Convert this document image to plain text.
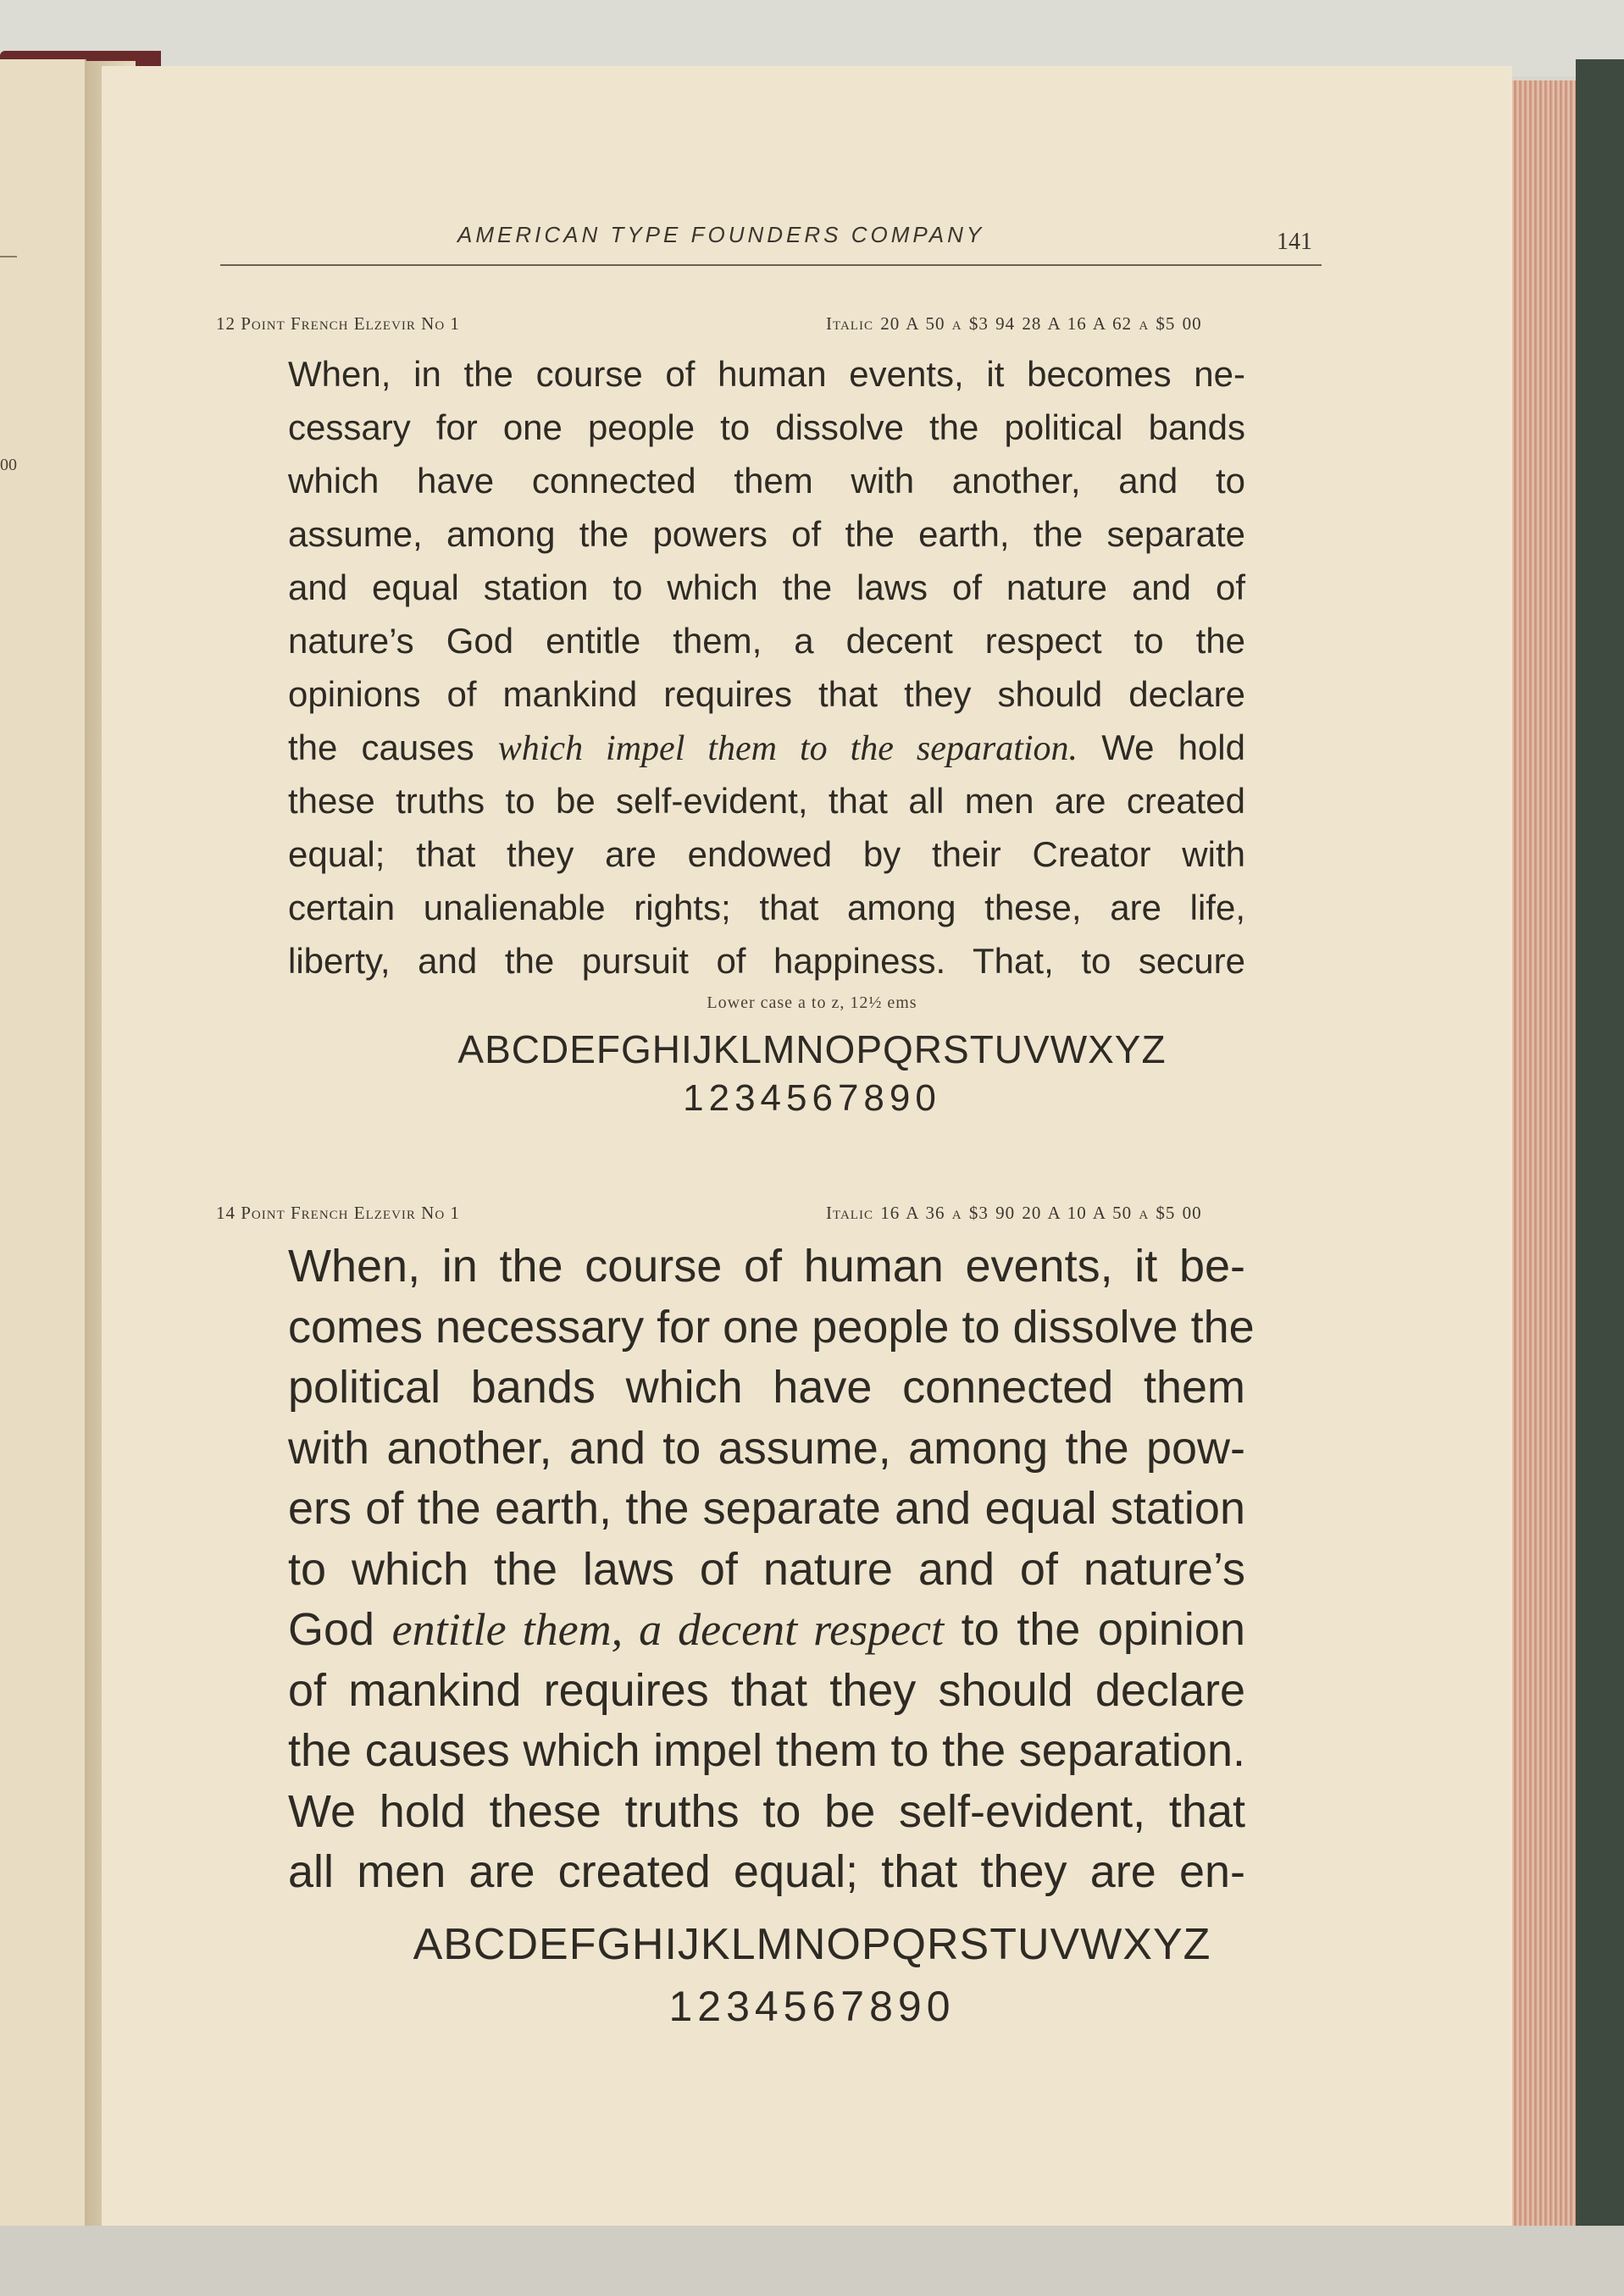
00
AMERICAN TYPE FOUNDERS COMPANY	141
12 Point French Elzevir No 1	Italic 20 A 50 a $3 94 28 A 16 A 62 a $5 00
When, in the course of human events, it becomes ne-
cessary for one people to dissolve the political bands
which have connected them with another, and to
assume, among the powers of the earth, the separate
and equal station to which the laws of nature and of
nature’s God entitle them, a decent respect to the
opinions of mankind requires that they should declare
the causes which impel them to the separation. We hold
these truths to be self-evident, that all men are created
equal; that they are endowed by their Creator with
certain unalienable rights; that among these, are life,
liberty, and the pursuit of happiness. That, to secure
Lower case a to z, 12½ ems
ABCDEFGHIJKLMNOPQRSTUVWXYZ
1234567890
14 Point French Elzevir No 1	Italic 16 A 36 a $3 90 20 A 10 A 50 a $5 00
When, in the course of human events, it be-
comes necessary for one people to dissolve the
political bands which have connected them
with another, and to assume, among the pow-
ers of the earth, the separate and equal station
to which the laws of nature and of nature’s
God entitle them, a decent respect to the opinion
of mankind requires that they should declare
the causes which impel them to the separation.
We hold these truths to be self-evident, that
all men are created equal; that they are en-
ABCDEFGHIJKLMNOPQRSTUVWXYZ
1234567890
